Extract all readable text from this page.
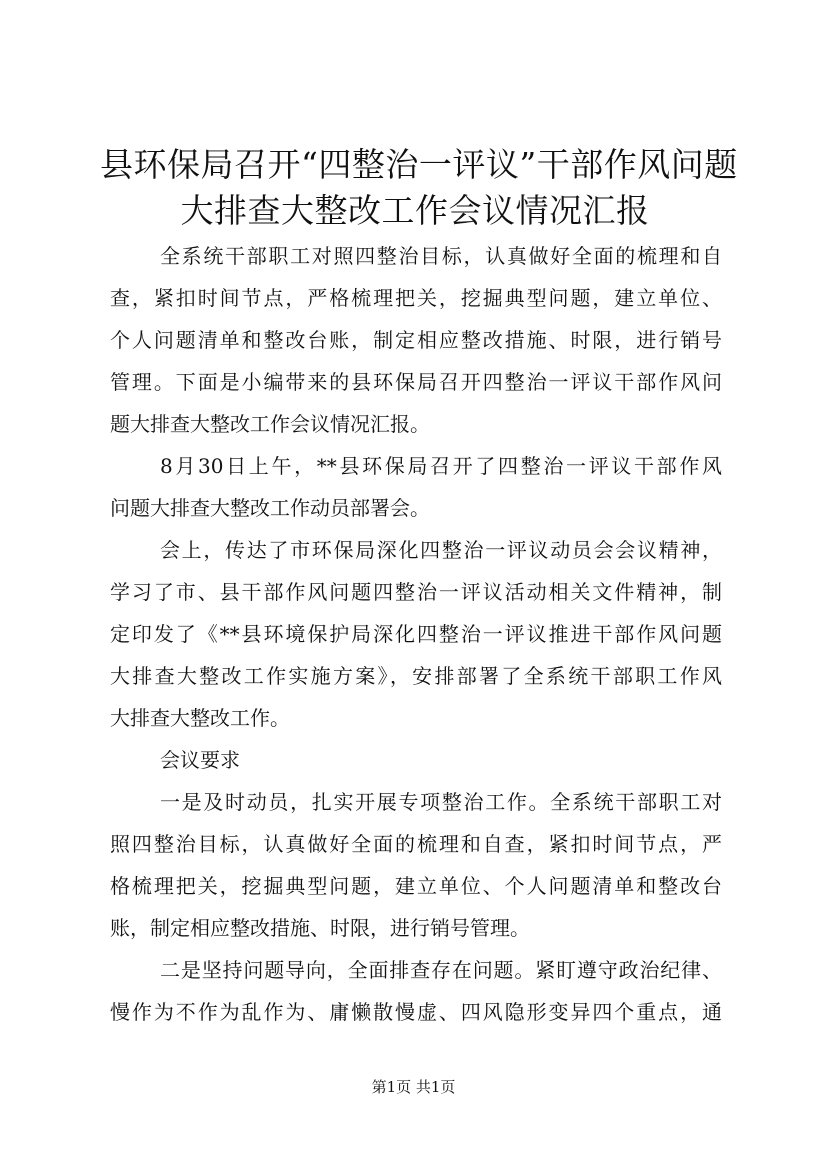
县环保局召开“四整治一评议”干部作风问题
大排查大整改工作会议情况汇报
全系统干部职工对照四整治目标，认真做好全面的梳理和自
查，紧扣时间节点，严格梳理把关，挖掘典型问题，建立单位、
个人问题清单和整改台账，制定相应整改措施、时限，进行销号
管理。下面是小编带来的县环保局召开四整治一评议干部作风问
题大排查大整改工作会议情况汇报。
8月30日上午，**县环保局召开了四整治一评议干部作风
问题大排查大整改工作动员部署会。
会上，传达了市环保局深化四整治一评议动员会会议精神，
学习了市、县干部作风问题四整治一评议活动相关文件精神，制
定印发了《**县环境保护局深化四整治一评议推进干部作风问题
大排查大整改工作实施方案》，安排部署了全系统干部职工作风
大排查大整改工作。
会议要求
一是及时动员，扎实开展专项整治工作。全系统干部职工对
照四整治目标，认真做好全面的梳理和自查，紧扣时间节点，严
格梳理把关，挖掘典型问题，建立单位、个人问题清单和整改台
账，制定相应整改措施、时限，进行销号管理。
二是坚持问题导向，全面排查存在问题。紧盯遵守政治纪律、
慢作为不作为乱作为、庸懒散慢虚、四风隐形变异四个重点，通
第1页 共1页
